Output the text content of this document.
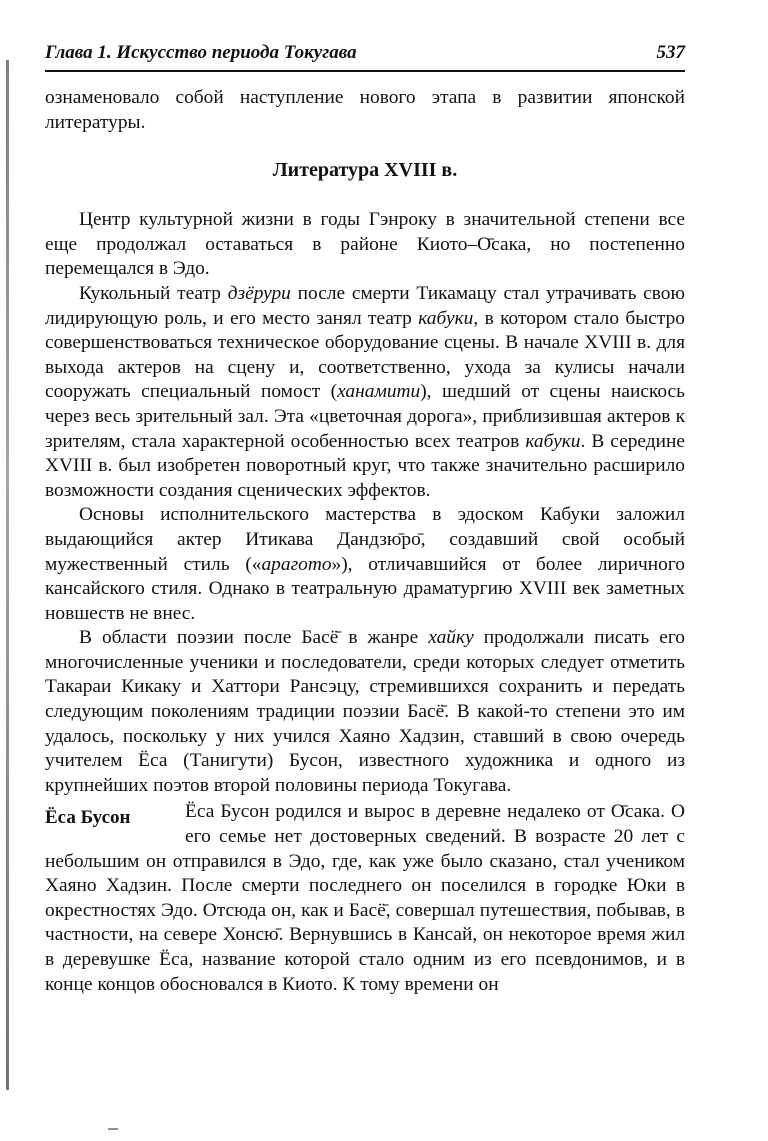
Глава 1. Искусство периода Токугава	537

ознаменовало собой наступление нового этапа в развитии японской литературы.

Литература XVIII в.

Центр культурной жизни в годы Гэнроку в значительной степени все еще продолжал оставаться в районе Киото–О̄сака, но постепенно перемещался в Эдо.

Кукольный театр дзёрури после смерти Тикамацу стал утрачивать свою лидирующую роль, и его место занял театр кабуки, в котором стало быстро совершенствоваться техническое оборудование сцены. В начале XVIII в. для выхода актеров на сцену и, соответственно, ухода за кулисы начали сооружать специальный помост (ханамити), шедший от сцены наискось через весь зрительный зал. Эта «цветочная дорога», приблизившая актеров к зрителям, стала характерной особенностью всех театров кабуки. В середине XVIII в. был изобретен поворотный круг, что также значительно расширило возможности создания сценических эффектов.

Основы исполнительского мастерства в эдоском Кабуки заложил выдающийся актер Итикава Дандзю̄ро̄, создавший свой особый мужественный стиль («арагото»), отличавшийся от более лиричного кансайского стиля. Однако в театральную драматургию XVIII век заметных новшеств не внес.

В области поэзии после Басё̄ в жанре хайку продолжали писать его многочисленные ученики и последователи, среди которых следует отметить Такараи Кикаку и Хаттори Рансэцу, стремившихся сохранить и передать следующим поколениям традиции поэзии Басё̄. В какой-то степени это им удалось, поскольку у них учился Хаяно Хадзин, ставший в свою очередь учителем Ёса (Танигути) Бусон, известного художника и одного из крупнейших поэтов второй половины периода Токугава.

Ёса Бусон	Ёса Бусон родился и вырос в деревне недалеко от О̄сака. О его семье нет достоверных сведений. В возрасте 20 лет с небольшим он отправился в Эдо, где, как уже было сказано, стал учеником Хаяно Хадзин. После смерти последнего он поселился в городке Юки в окрестностях Эдо. Отсюда он, как и Басё̄, совершал путешествия, побывав, в частности, на севере Хонсю̄. Вернувшись в Кансай, он некоторое время жил в деревушке Ёса, название которой стало одним из его псевдонимов, и в конце концов обосновался в Киото. К тому времени он
